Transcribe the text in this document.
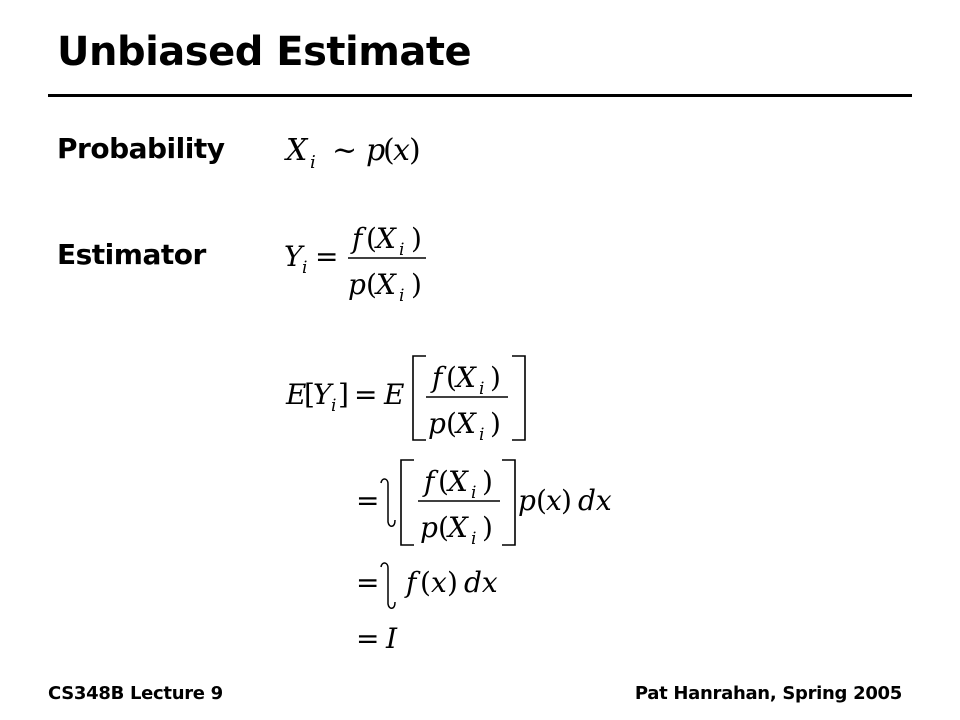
Unbiased Estimate
Probability
Estimator
X i ~ p
(
x )
Y i =
f ( X i )
p ( X i )
E
[
Y i ] = E
f ( X i )
p ( X i )
=
f ( X i )
p ( X i )
p ( x ) dx
= f ( x ) dx
= I
CS348B Lecture 9	Pat Hanrahan, Spring 2005
